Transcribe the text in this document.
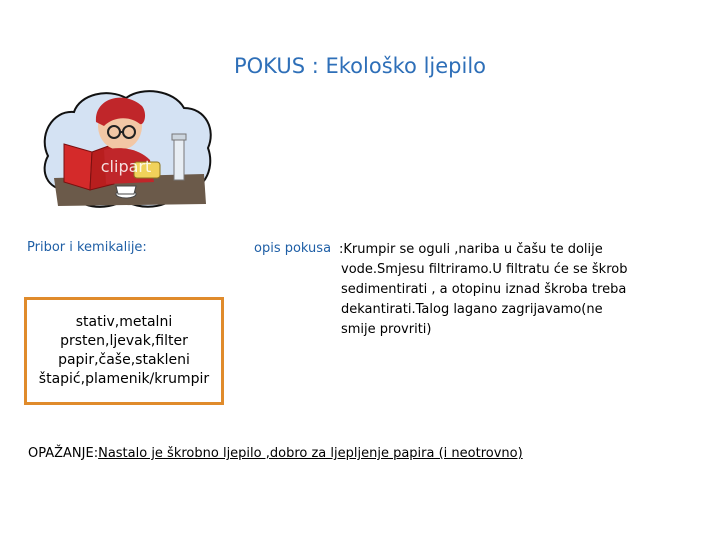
POKUS : Ekološko ljepilo
clipart
Pribor i kemikalije:
stativ,metalni prsten,ljevak,filter papir,čaše,stakleni štapić,plamenik/krumpir
opis pokusa :Krumpir se oguli ,nariba u čašu te dolije vode.Smjesu filtriramo.U filtratu će se škrob sedimentirati , a otopinu iznad škroba treba dekantirati.Talog lagano zagrijavamo(ne smije provriti)
OPAŽANJE:Nastalo je škrobno ljepilo ,dobro za ljepljenje papira (i neotrovno)
